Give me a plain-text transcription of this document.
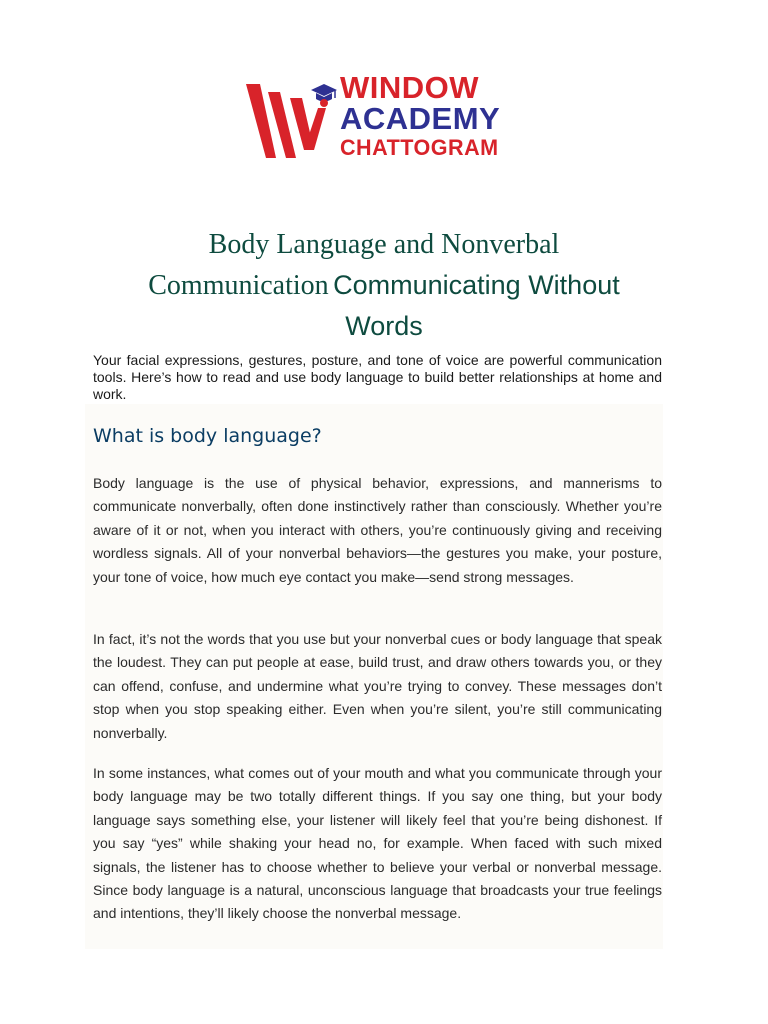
WINDOW
ACADEMY
CHATTOGRAM
Body Language and Nonverbal
Communication Communicating Without
Words

Your facial expressions, gestures, posture, and tone of voice are powerful communication tools. Here’s how to read and use body language to build better relationships at home and work.

What is body language?

Body language is the use of physical behavior, expressions, and mannerisms to communicate nonverbally, often done instinctively rather than consciously. Whether you’re aware of it or not, when you interact with others, you’re continuously giving and receiving wordless signals. All of your nonverbal behaviors—the gestures you make, your posture, your tone of voice, how much eye contact you make—send strong messages.

In fact, it’s not the words that you use but your nonverbal cues or body language that speak the loudest. They can put people at ease, build trust, and draw others towards you, or they can offend, confuse, and undermine what you’re trying to convey. These messages don’t stop when you stop speaking either. Even when you’re silent, you’re still communicating nonverbally.

In some instances, what comes out of your mouth and what you communicate through your body language may be two totally different things. If you say one thing, but your body language says something else, your listener will likely feel that you’re being dishonest. If you say “yes” while shaking your head no, for example. When faced with such mixed signals, the listener has to choose whether to believe your verbal or nonverbal message. Since body language is a natural, unconscious language that broadcasts your true feelings and intentions, they’ll likely choose the nonverbal message.
